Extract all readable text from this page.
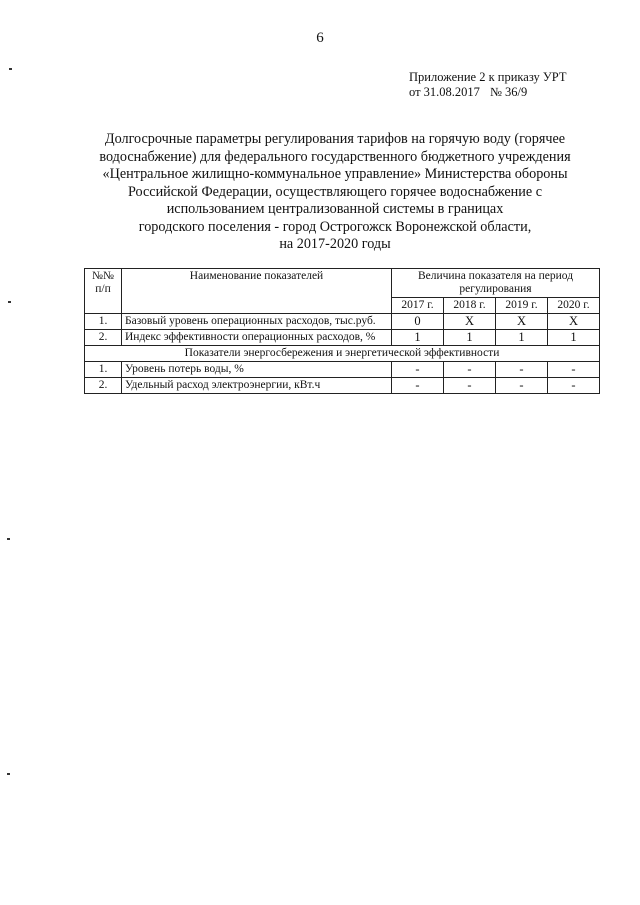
6
Приложение 2 к приказу УРТ
от 31.08.2017 № 36/9
Долгосрочные параметры регулирования тарифов на горячую воду (горячее
водоснабжение) для федерального государственного бюджетного учреждения
«Центральное жилищно-коммунальное управление» Министерства обороны
Российской Федерации, осуществляющего горячее водоснабжение с
использованием централизованной системы в границах
городского поселения - город Острогожск Воронежской области,
на 2017-2020 годы
№№ п/п	Наименование показателей	Величина показателя на период регулирования			
		2017 г.	2018 г.	2019 г.	2020 г.
1.	Базовый уровень операционных расходов, тыс.руб.	0	X	X	X
2.	Индекс эффективности операционных расходов, %	1	1	1	1
Показатели энергосбережения и энергетической эффективности					
1.	Уровень потерь воды, %	-	-	-	-
2.	Удельный расход электроэнергии, кВт.ч	-	-	-	-
